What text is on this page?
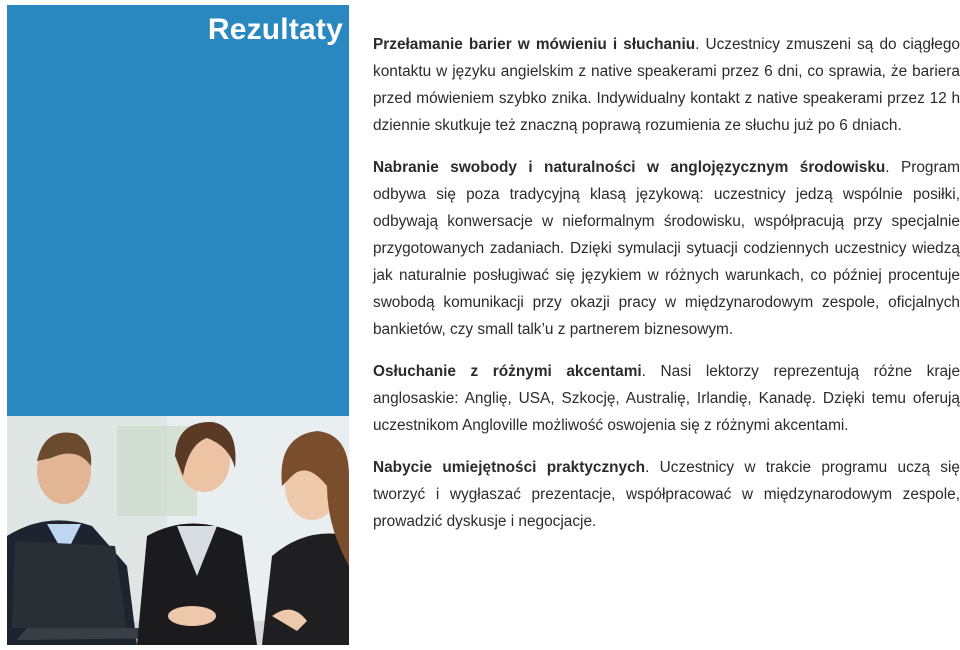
Rezultaty Przełamanie barier w mówieniu i słuchaniu. Uczestnicy zmuszeni są do ciągłego kontaktu w języku angielskim z native speakerami przez 6 dni, co sprawia, że bariera przed mówieniem szybko znika. Indywidualny kontakt z native speakerami przez 12 h dziennie skutkuje też znaczną poprawą rozumienia ze słuchu już po 6 dniach.

Nabranie swobody i naturalności w anglojęzycznym środowisku. Program odbywa się poza tradycyjną klasą językową: uczestnicy jedzą wspólnie posiłki, odbywają konwersacje w nieformalnym środowisku, współpracują przy specjalnie przygotowanych zadaniach. Dzięki symulacji sytuacji codziennych uczestnicy wiedzą jak naturalnie posługiwać się językiem w różnych warunkach, co później procentuje swobodą komunikacji przy okazji pracy w międzynarodowym zespole, oficjalnych bankietów, czy small talk’u z partnerem biznesowym.

Osłuchanie z różnymi akcentami. Nasi lektorzy reprezentują różne kraje anglosaskie: Anglię, USA, Szkocję, Australię, Irlandię, Kanadę. Dzięki temu oferują uczestnikom Angloville możliwość oswojenia się z różnymi akcentami.

Nabycie umiejętności praktycznych. Uczestnicy w trakcie programu uczą się tworzyć i wygłaszać prezentacje, współpracować w międzynarodowym zespole, prowadzić dyskusje i negocjacje.
